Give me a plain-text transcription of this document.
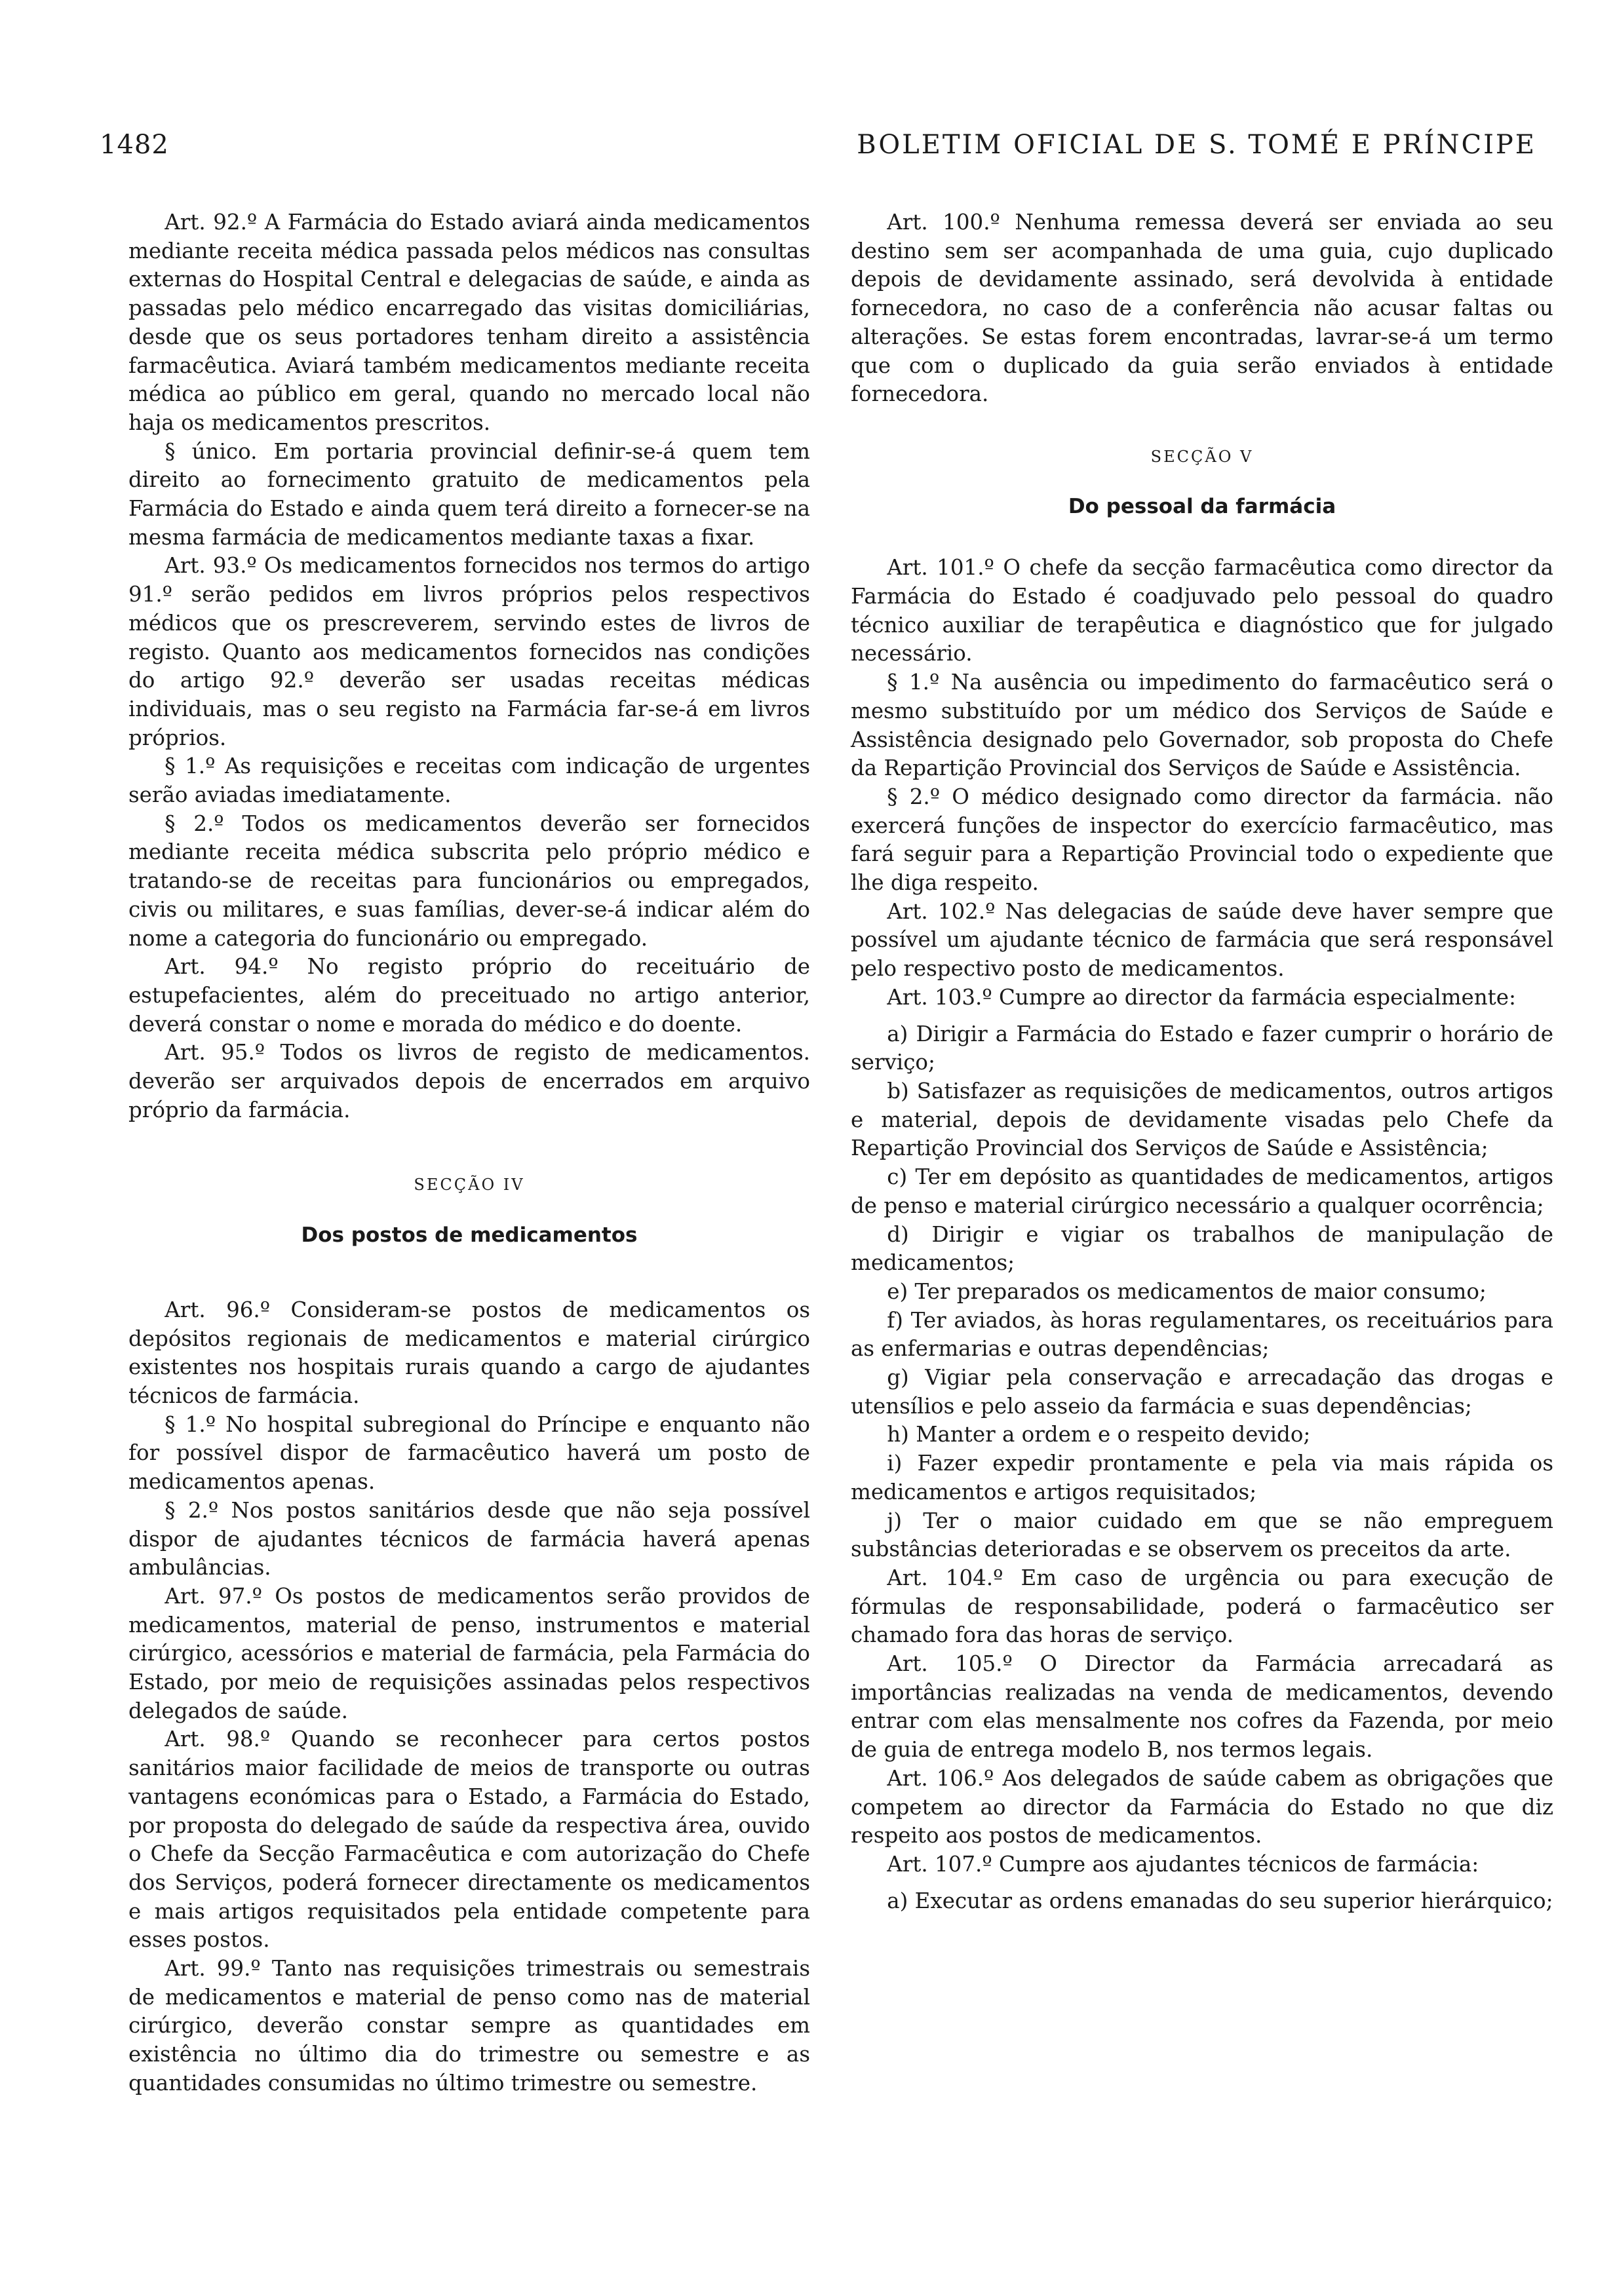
1482	BOLETIM OFICIAL DE S. TOMÉ E PRÍNCIPE

Art. 92.º A Farmácia do Estado aviará ainda medicamentos mediante receita médica passada pelos médicos nas consultas externas do Hospital Central e delegacias de saúde, e ainda as passadas pelo médico encarregado das visitas domiciliárias, desde que os seus portadores tenham direito a assistência farmacêutica. Aviará também medicamentos mediante receita médica ao público em geral, quando no mercado local não haja os medicamentos prescritos.

§ único. Em portaria provincial definir-se-á quem tem direito ao fornecimento gratuito de medicamentos pela Farmácia do Estado e ainda quem terá direito a fornecer-se na mesma farmácia de medicamentos mediante taxas a fixar.

Art. 93.º Os medicamentos fornecidos nos termos do artigo 91.º serão pedidos em livros próprios pelos respectivos médicos que os prescreverem, servindo estes de livros de registo. Quanto aos medicamentos fornecidos nas condições do artigo 92.º deverão ser usadas receitas médicas individuais, mas o seu registo na Farmácia far-se-á em livros próprios.

§ 1.º As requisições e receitas com indicação de urgentes serão aviadas imediatamente.

§ 2.º Todos os medicamentos deverão ser fornecidos mediante receita médica subscrita pelo próprio médico e tratando-se de receitas para funcionários ou empregados, civis ou militares, e suas famílias, dever-se-á indicar além do nome a categoria do funcionário ou empregado.

Art. 94.º No registo próprio do receituário de estupefacientes, além do preceituado no artigo anterior, deverá constar o nome e morada do médico e do doente.

Art. 95.º Todos os livros de registo de medicamentos. deverão ser arquivados depois de encerrados em arquivo próprio da farmácia.

SECÇÃO IV
Dos postos de medicamentos

Art. 96.º Consideram-se postos de medicamentos os depósitos regionais de medicamentos e material cirúrgico existentes nos hospitais rurais quando a cargo de ajudantes técnicos de farmácia.

§ 1.º No hospital subregional do Príncipe e enquanto não for possível dispor de farmacêutico haverá um posto de medicamentos apenas.

§ 2.º Nos postos sanitários desde que não seja possível dispor de ajudantes técnicos de farmácia haverá apenas ambulâncias.

Art. 97.º Os postos de medicamentos serão providos de medicamentos, material de penso, instrumentos e material cirúrgico, acessórios e material de farmácia, pela Farmácia do Estado, por meio de requisições assinadas pelos respectivos delegados de saúde.

Art. 98.º Quando se reconhecer para certos postos sanitários maior facilidade de meios de transporte ou outras vantagens económicas para o Estado, a Farmácia do Estado, por proposta do delegado de saúde da respectiva área, ouvido o Chefe da Secção Farmacêutica e com autorização do Chefe dos Serviços, poderá fornecer directamente os medicamentos e mais artigos requisitados pela entidade competente para esses postos.

Art. 99.º Tanto nas requisições trimestrais ou semestrais de medicamentos e material de penso como nas de material cirúrgico, deverão constar sempre as quantidades em existência no último dia do trimestre ou semestre e as quantidades consumidas no último trimestre ou semestre.

Art. 100.º Nenhuma remessa deverá ser enviada ao seu destino sem ser acompanhada de uma guia, cujo duplicado depois de devidamente assinado, será devolvida à entidade fornecedora, no caso de a conferência não acusar faltas ou alterações. Se estas forem encontradas, lavrar-se-á um termo que com o duplicado da guia serão enviados à entidade fornecedora.

SECÇÃO V
Do pessoal da farmácia

Art. 101.º O chefe da secção farmacêutica como director da Farmácia do Estado é coadjuvado pelo pessoal do quadro técnico auxiliar de terapêutica e diagnóstico que for julgado necessário.

§ 1.º Na ausência ou impedimento do farmacêutico será o mesmo substituído por um médico dos Serviços de Saúde e Assistência designado pelo Governador, sob proposta do Chefe da Repartição Provincial dos Serviços de Saúde e Assistência.

§ 2.º O médico designado como director da farmácia. não exercerá funções de inspector do exercício farmacêutico, mas fará seguir para a Repartição Provincial todo o expediente que lhe diga respeito.

Art. 102.º Nas delegacias de saúde deve haver sempre que possível um ajudante técnico de farmácia que será responsável pelo respectivo posto de medicamentos.

Art. 103.º Cumpre ao director da farmácia especialmente:

a) Dirigir a Farmácia do Estado e fazer cumprir o horário de serviço;

b) Satisfazer as requisições de medicamentos, outros artigos e material, depois de devidamente visadas pelo Chefe da Repartição Provincial dos Serviços de Saúde e Assistência;

c) Ter em depósito as quantidades de medicamentos, artigos de penso e material cirúrgico necessário a qualquer ocorrência;

d) Dirigir e vigiar os trabalhos de manipulação de medicamentos;

e) Ter preparados os medicamentos de maior consumo;

f) Ter aviados, às horas regulamentares, os receituários para as enfermarias e outras dependências;

g) Vigiar pela conservação e arrecadação das drogas e utensílios e pelo asseio da farmácia e suas dependências;

h) Manter a ordem e o respeito devido;

i) Fazer expedir prontamente e pela via mais rápida os medicamentos e artigos requisitados;

j) Ter o maior cuidado em que se não empreguem substâncias deterioradas e se observem os preceitos da arte.

Art. 104.º Em caso de urgência ou para execução de fórmulas de responsabilidade, poderá o farmacêutico ser chamado fora das horas de serviço.

Art. 105.º O Director da Farmácia arrecadará as importâncias realizadas na venda de medicamentos, devendo entrar com elas mensalmente nos cofres da Fazenda, por meio de guia de entrega modelo B, nos termos legais.

Art. 106.º Aos delegados de saúde cabem as obrigações que competem ao director da Farmácia do Estado no que diz respeito aos postos de medicamentos.

Art. 107.º Cumpre aos ajudantes técnicos de farmácia:

a) Executar as ordens emanadas do seu superior hierárquico;
